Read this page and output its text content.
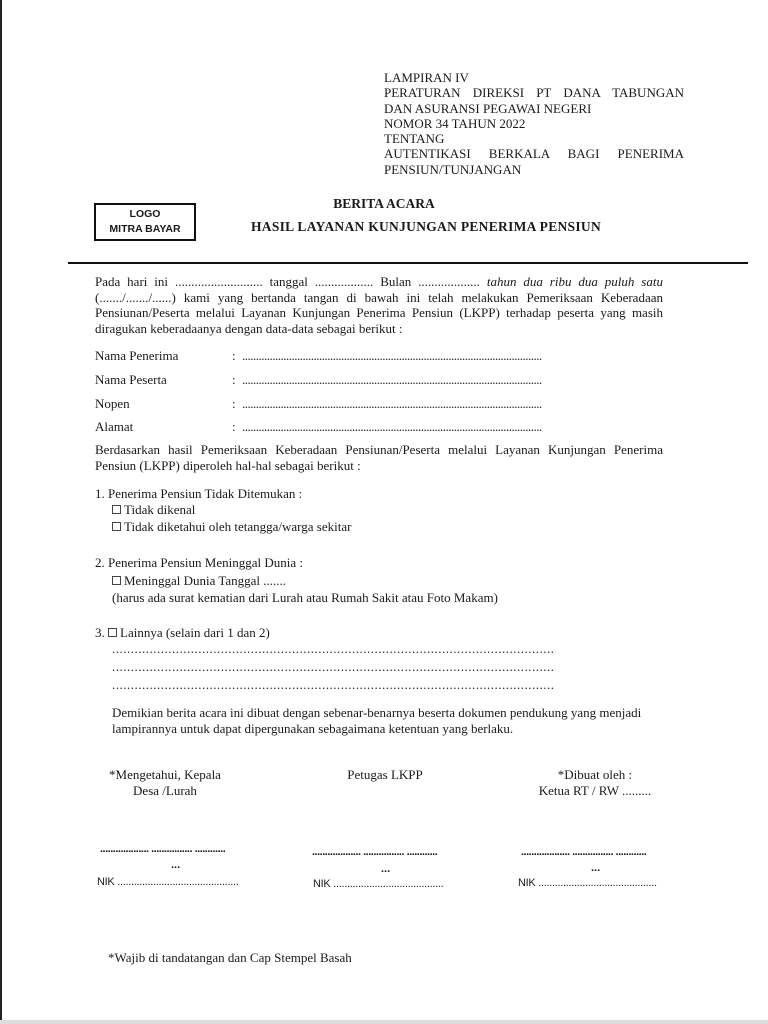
LAMPIRAN IV
PERATURAN DIREKSI PT DANA TABUNGAN
DAN ASURANSI PEGAWAI NEGERI
NOMOR 34 TAHUN 2022
TENTANG
AUTENTIKASI BERKALA BAGI PENERIMA
PENSIUN/TUNJANGAN
LOGO
MITRA BAYAR
BERITA ACARA
HASIL LAYANAN KUNJUNGAN PENERIMA PENSIUN
Pada hari ini ........................... tanggal .................. Bulan ................... tahun dua ribu dua puluh satu (......./......./......) kami yang bertanda tangan di bawah ini telah melakukan Pemeriksaan Keberadaan Pensiunan/Peserta melalui Layanan Kunjungan Penerima Pensiun (LKPP) terhadap peserta yang masih diragukan keberadaanya dengan data-data sebagai berikut :
Nama Penerima	: .............................................................................................................
Nama Peserta	: .............................................................................................................
Nopen	: .............................................................................................................
Alamat	: .............................................................................................................
Berdasarkan hasil Pemeriksaan Keberadaan Pensiunan/Peserta melalui Layanan Kunjungan Penerima Pensiun (LKPP) diperoleh hal-hal sebagai berikut :
1. Penerima Pensiun Tidak Ditemukan :
Tidak dikenal
Tidak diketahui oleh tetangga/warga sekitar
2. Penerima Pensiun Meninggal Dunia :
Meninggal Dunia Tanggal .......
(harus ada surat kematian dari Lurah atau Rumah Sakit atau Foto Makam)
3. Lainnya (selain dari 1 dan 2)
......................................................................................................................
......................................................................................................................
......................................................................................................................
Demikian berita acara ini dibuat dengan sebenar-benarnya beserta dokumen pendukung yang menjadi lampirannya untuk dapat dipergunakan sebagaimana ketentuan yang berlaku.
*Mengetahui, Kepala
Desa /Lurah
Petugas LKPP	*Dibuat oleh :
Ketua RT / RW .........
................... ................ ............
...
NIK ............................................
................... ................ ............
...
NIK ........................................
................... ................ ............
...
NIK ...........................................
*Wajib di tandatangan dan Cap Stempel Basah
